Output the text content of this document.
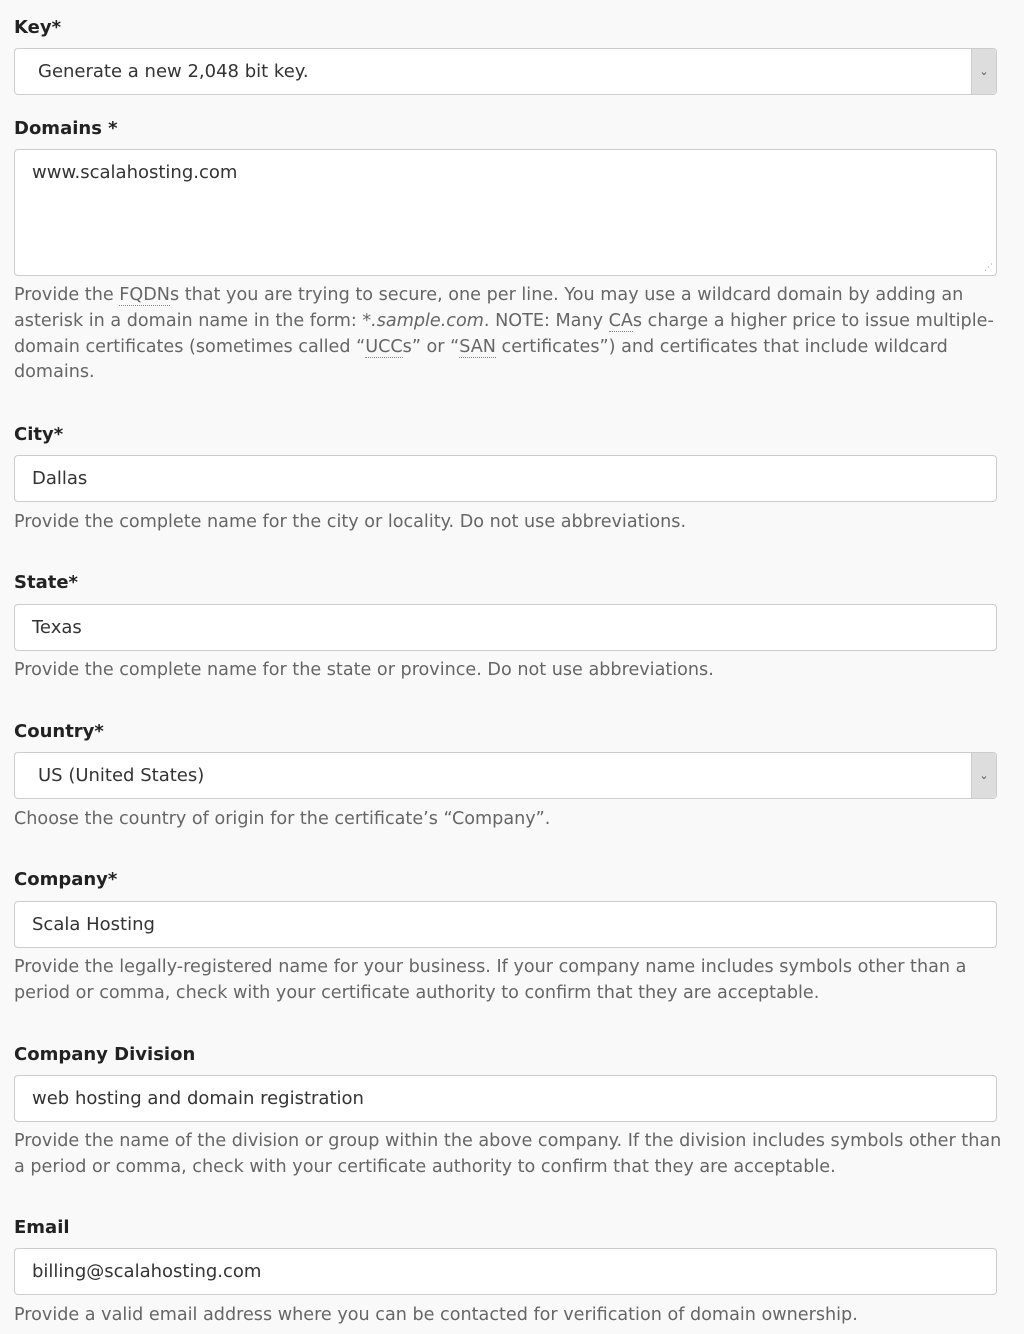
Key*
Generate a new 2,048 bit key.	⌄
Domains *
www.scalahosting.com
⋰
Provide the FQDNs that you are trying to secure, one per line. You may use a wildcard domain by adding an asterisk in a domain name in the form: *.sample.com. NOTE: Many CAs charge a higher price to issue multiple-domain certificates (sometimes called “UCCs” or “SAN certificates”) and certificates that include wildcard domains.
City*
Dallas
Provide the complete name for the city or locality. Do not use abbreviations.
State*
Texas
Provide the complete name for the state or province. Do not use abbreviations.
Country*
US (United States)	⌄
Choose the country of origin for the certificate’s “Company”.
Company*
Scala Hosting
Provide the legally-registered name for your business. If your company name includes symbols other than a period or comma, check with your certificate authority to confirm that they are acceptable.
Company Division
web hosting and domain registration
Provide the name of the division or group within the above company. If the division includes symbols other than a period or comma, check with your certificate authority to confirm that they are acceptable.
Email
billing@scalahosting.com
Provide a valid email address where you can be contacted for verification of domain ownership.
